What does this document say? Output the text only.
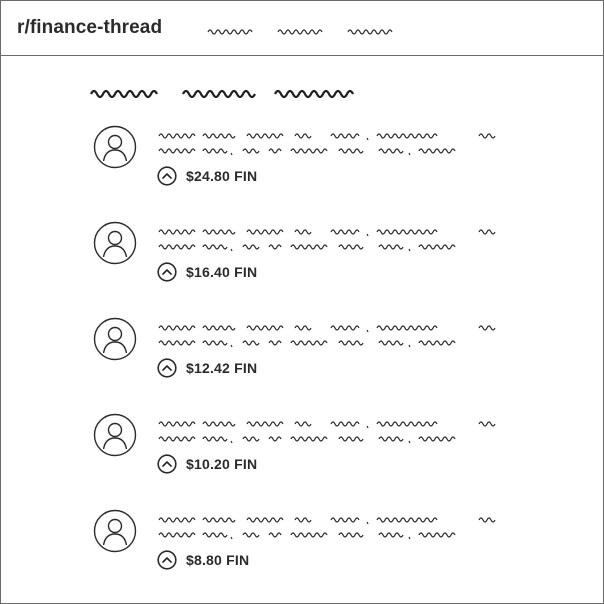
r/finance-thread
$24.80 FIN
$16.40 FIN
$12.42 FIN
$10.20 FIN
$8.80 FIN
